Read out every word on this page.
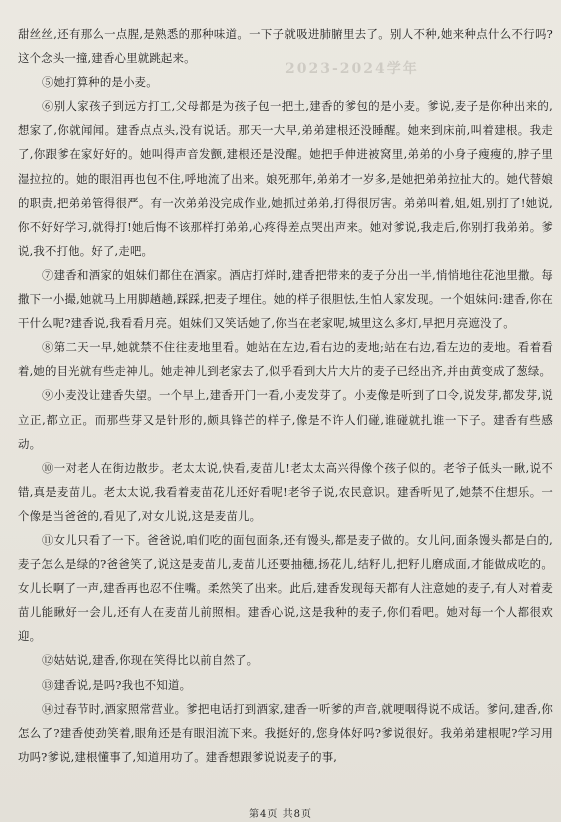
2023-2024学年

甜丝丝,还有那么一点腥,是熟悉的那种味道。一下子就吸进肺腑里去了。别人不种,她来种点什么不行吗?这个念头一撞,建香心里就跳起来。

⑤她打算种的是小麦。

⑥别人家孩子到远方打工,父母都是为孩子包一把土,建香的爹包的是小麦。爹说,麦子是你种出来的,想家了,你就闻闻。建香点点头,没有说话。那天一大早,弟弟建根还没睡醒。她来到床前,叫着建根。我走了,你跟爹在家好好的。她叫得声音发颤,建根还是没醒。她把手伸进被窝里,弟弟的小身子瘦瘦的,脖子里湿拉拉的。她的眼泪再也包不住,呼地流了出来。娘死那年,弟弟才一岁多,是她把弟弟拉扯大的。她代替娘的职责,把弟弟管得很严。有一次弟弟没完成作业,她抓过弟弟,打得很厉害。弟弟叫着,姐,姐,别打了!她说,你不好好学习,就得打!她后悔不该那样打弟弟,心疼得差点哭出声来。她对爹说,我走后,你别打我弟弟。爹说,我不打他。好了,走吧。

⑦建香和酒家的姐妹们都住在酒家。酒店打烊时,建香把带来的麦子分出一半,悄悄地往花池里撒。每撒下一小撮,她就马上用脚趟趟,踩踩,把麦子埋住。她的样子很胆怯,生怕人家发现。一个姐妹问:建香,你在干什么呢?建香说,我看看月亮。姐妹们又笑话她了,你当在老家呢,城里这么多灯,早把月亮遮没了。

⑧第二天一早,她就禁不住往麦地里看。她站在左边,看右边的麦地;站在右边,看左边的麦地。看着看着,她的目光就有些走神儿。她走神儿到老家去了,似乎看到大片大片的麦子已经出齐,并由黄变成了葱绿。

⑨小麦没让建香失望。一个早上,建香开门一看,小麦发芽了。小麦像是听到了口令,说发芽,都发芽,说立正,都立正。而那些芽又是针形的,颇具锋芒的样子,像是不许人们碰,谁碰就扎谁一下子。建香有些感动。

⑩一对老人在街边散步。老太太说,快看,麦苗儿!老太太高兴得像个孩子似的。老爷子低头一瞅,说不错,真是麦苗儿。老太太说,我看着麦苗花儿还好看呢!老爷子说,农民意识。建香听见了,她禁不住想乐。一个像是当爸爸的,看见了,对女儿说,这是麦苗儿。

⑪女儿只看了一下。爸爸说,咱们吃的面包面条,还有馒头,都是麦子做的。女儿问,面条馒头都是白的,麦子怎么是绿的?爸爸笑了,说这是麦苗儿,麦苗儿还要抽穗,扬花儿,结籽儿,把籽儿磨成面,才能做成吃的。女儿长啊了一声,建香再也忍不住嘴。柔然笑了出来。此后,建香发现每天都有人注意她的麦子,有人对着麦苗儿能瞅好一会儿,还有人在麦苗儿前照相。建香心说,这是我种的麦子,你们看吧。她对每一个人都很欢迎。

⑫姑姑说,建香,你现在笑得比以前自然了。

⑬建香说,是吗?我也不知道。

⑭过春节时,酒家照常营业。爹把电话打到酒家,建香一听爹的声音,就哽咽得说不成话。爹问,建香,你怎么了?建香使劲笑着,眼角还是有眼泪流下来。我挺好的,您身体好吗?爹说很好。我弟弟建根呢?学习用功吗?爹说,建根懂事了,知道用功了。建香想跟爹说说麦子的事,

第4页 共8页
